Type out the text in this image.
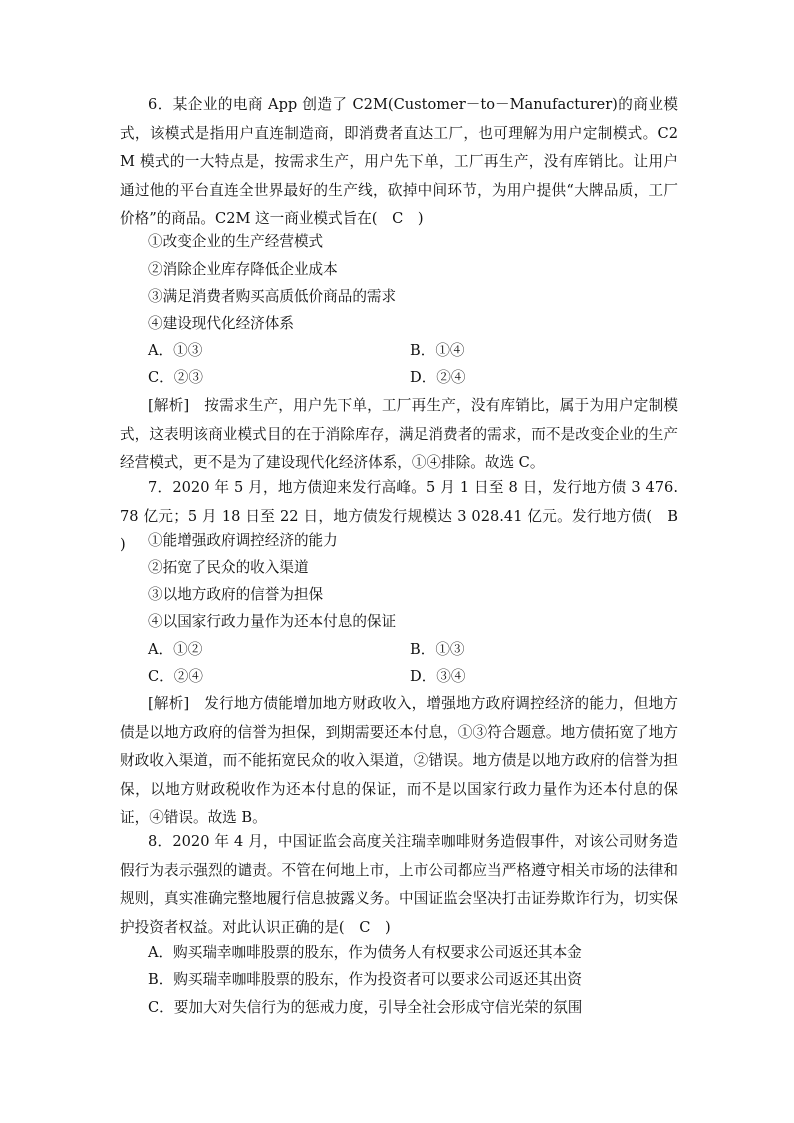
6．某企业的电商 App 创造了 C2M(Customer－to－Manufacturer)的商业模式，该模式是指用户直连制造商，即消费者直达工厂，也可理解为用户定制模式。C2M 模式的一大特点是，按需求生产，用户先下单，工厂再生产，没有库销比。让用户通过他的平台直连全世界最好的生产线，砍掉中间环节，为用户提供“大牌品质，工厂价格”的商品。C2M 这一商业模式旨在(　C　)

①改变企业的生产经营模式

②消除企业库存降低企业成本

③满足消费者购买高质低价商品的需求

④建设现代化经济体系

A．①③	B．①④

C．②③	D．②④

[解析]　按需求生产，用户先下单，工厂再生产，没有库销比，属于为用户定制模式，这表明该商业模式目的在于消除库存，满足消费者的需求，而不是改变企业的生产经营模式，更不是为了建设现代化经济体系，①④排除。故选 C。

7．2020 年 5 月，地方债迎来发行高峰。5 月 1 日至 8 日，发行地方债 3 476.78 亿元；5 月 18 日至 22 日，地方债发行规模达 3 028.41 亿元。发行地方债(　B　)	①能增强政府调控经济的能力

②拓宽了民众的收入渠道

③以地方政府的信誉为担保

④以国家行政力量作为还本付息的保证

A．①②	B．①③

C．②④	D．③④

[解析]　发行地方债能增加地方财政收入，增强地方政府调控经济的能力，但地方债是以地方政府的信誉为担保，到期需要还本付息，①③符合题意。地方债拓宽了地方财政收入渠道，而不能拓宽民众的收入渠道，②错误。地方债是以地方政府的信誉为担保，以地方财政税收作为还本付息的保证，而不是以国家行政力量作为还本付息的保证，④错误。故选 B。

8．2020 年 4 月，中国证监会高度关注瑞幸咖啡财务造假事件，对该公司财务造假行为表示强烈的谴责。不管在何地上市，上市公司都应当严格遵守相关市场的法律和规则，真实准确完整地履行信息披露义务。中国证监会坚决打击证券欺诈行为，切实保护投资者权益。对此认识正确的是(　C　)

A．购买瑞幸咖啡股票的股东，作为债务人有权要求公司返还其本金

B．购买瑞幸咖啡股票的股东，作为投资者可以要求公司返还其出资

C．要加大对失信行为的惩戒力度，引导全社会形成守信光荣的氛围
